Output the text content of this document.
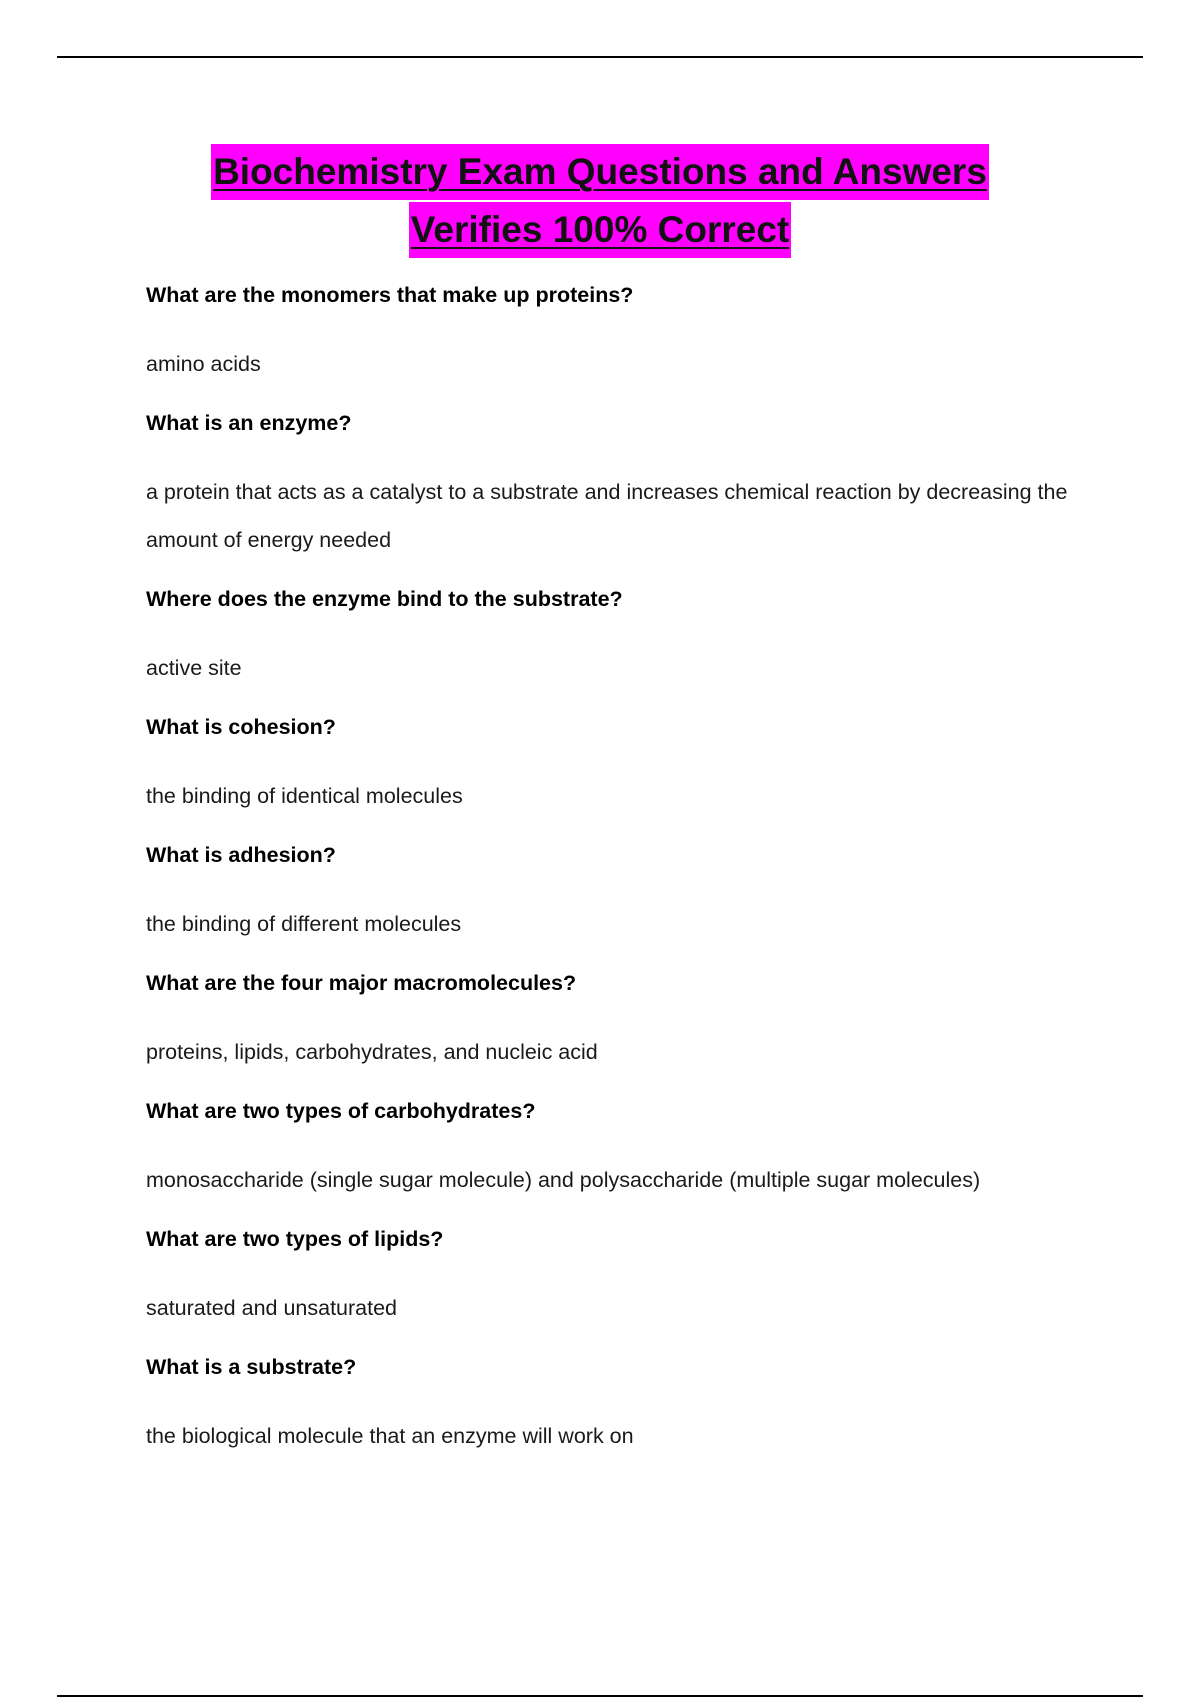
Biochemistry Exam Questions and Answers
Verifies 100% Correct
What are the monomers that make up proteins?
amino acids
What is an enzyme?
a protein that acts as a catalyst to a substrate and increases chemical reaction by decreasing the amount of energy needed
Where does the enzyme bind to the substrate?
active site
What is cohesion?
the binding of identical molecules
What is adhesion?
the binding of different molecules
What are the four major macromolecules?
proteins, lipids, carbohydrates, and nucleic acid
What are two types of carbohydrates?
monosaccharide (single sugar molecule) and polysaccharide (multiple sugar molecules)
What are two types of lipids?
saturated and unsaturated
What is a substrate?
the biological molecule that an enzyme will work on
